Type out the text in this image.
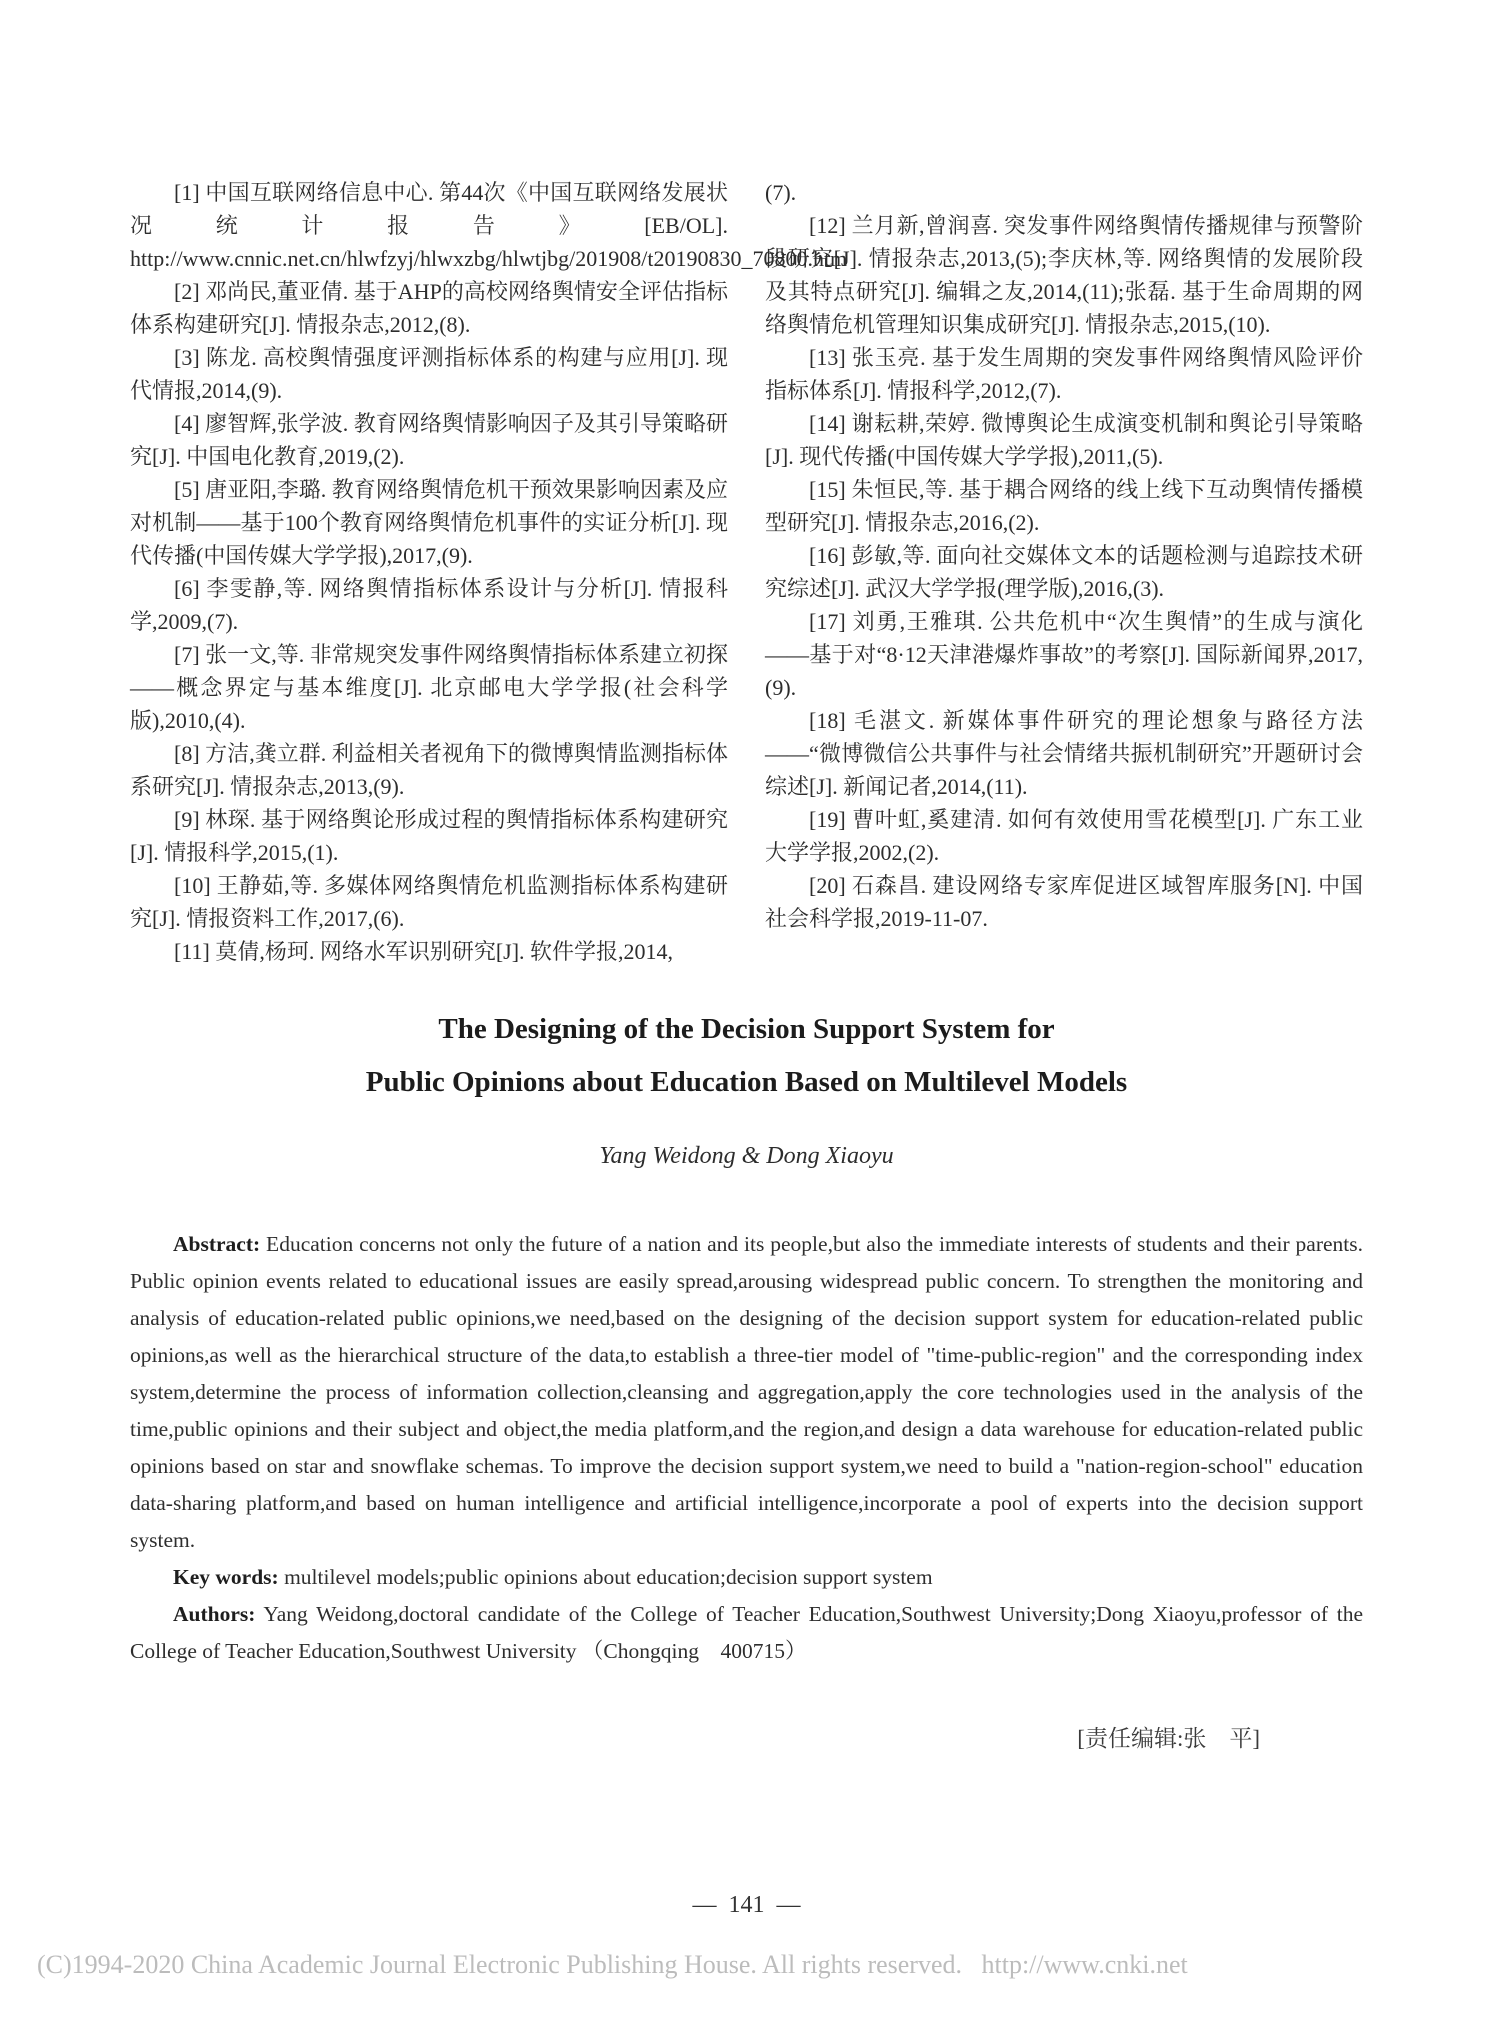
[1] 中国互联网络信息中心. 第44次《中国互联网络发展状况统计报告》[EB/OL]. http://www.cnnic.net.cn/hlwfzyj/hlwxzbg/hlwtjbg/201908/t20190830_70800.htm

[2] 邓尚民,董亚倩. 基于AHP的高校网络舆情安全评估指标体系构建研究[J]. 情报杂志,2012,(8).

[3] 陈龙. 高校舆情强度评测指标体系的构建与应用[J]. 现代情报,2014,(9).

[4] 廖智辉,张学波. 教育网络舆情影响因子及其引导策略研究[J]. 中国电化教育,2019,(2).

[5] 唐亚阳,李璐. 教育网络舆情危机干预效果影响因素及应对机制——基于100个教育网络舆情危机事件的实证分析[J]. 现代传播(中国传媒大学学报),2017,(9).

[6] 李雯静,等. 网络舆情指标体系设计与分析[J]. 情报科学,2009,(7).

[7] 张一文,等. 非常规突发事件网络舆情指标体系建立初探——概念界定与基本维度[J]. 北京邮电大学学报(社会科学版),2010,(4).

[8] 方洁,龚立群. 利益相关者视角下的微博舆情监测指标体系研究[J]. 情报杂志,2013,(9).

[9] 林琛. 基于网络舆论形成过程的舆情指标体系构建研究[J]. 情报科学,2015,(1).

[10] 王静茹,等. 多媒体网络舆情危机监测指标体系构建研究[J]. 情报资料工作,2017,(6).

[11] 莫倩,杨珂. 网络水军识别研究[J]. 软件学报,2014,

(7).

[12] 兰月新,曾润喜. 突发事件网络舆情传播规律与预警阶段研究[J]. 情报杂志,2013,(5);李庆林,等. 网络舆情的发展阶段及其特点研究[J]. 编辑之友,2014,(11);张磊. 基于生命周期的网络舆情危机管理知识集成研究[J]. 情报杂志,2015,(10).

[13] 张玉亮. 基于发生周期的突发事件网络舆情风险评价指标体系[J]. 情报科学,2012,(7).

[14] 谢耘耕,荣婷. 微博舆论生成演变机制和舆论引导策略[J]. 现代传播(中国传媒大学学报),2011,(5).

[15] 朱恒民,等. 基于耦合网络的线上线下互动舆情传播模型研究[J]. 情报杂志,2016,(2).

[16] 彭敏,等. 面向社交媒体文本的话题检测与追踪技术研究综述[J]. 武汉大学学报(理学版),2016,(3).

[17] 刘勇,王雅琪. 公共危机中“次生舆情”的生成与演化——基于对“8·12天津港爆炸事故”的考察[J]. 国际新闻界,2017,(9).

[18] 毛湛文. 新媒体事件研究的理论想象与路径方法——“微博微信公共事件与社会情绪共振机制研究”开题研讨会综述[J]. 新闻记者,2014,(11).

[19] 曹叶虹,奚建清. 如何有效使用雪花模型[J]. 广东工业大学学报,2002,(2).

[20] 石森昌. 建设网络专家库促进区域智库服务[N]. 中国社会科学报,2019-11-07.

The Designing of the Decision Support System for
Public Opinions about Education Based on Multilevel Models
Yang Weidong & Dong Xiaoyu

Abstract: Education concerns not only the future of a nation and its people,but also the immediate interests of students and their parents. Public opinion events related to educational issues are easily spread,arousing widespread public concern. To strengthen the monitoring and analysis of education-related public opinions,we need,based on the designing of the decision support system for education-related public opinions,as well as the hierarchical structure of the data,to establish a three-tier model of "time-public-region" and the corresponding index system,determine the process of information collection,cleansing and aggregation,apply the core technologies used in the analysis of the time,public opinions and their subject and object,the media platform,and the region,and design a data warehouse for education-related public opinions based on star and snowflake schemas. To improve the decision support system,we need to build a "nation-region-school" education data-sharing platform,and based on human intelligence and artificial intelligence,incorporate a pool of experts into the decision support system.

Key words: multilevel models;public opinions about education;decision support system

Authors: Yang Weidong,doctoral candidate of the College of Teacher Education,Southwest University;Dong Xiaoyu,professor of the College of Teacher Education,Southwest University （Chongqing　400715）

[责任编辑:张　平]
—  141  —
(C)1994-2020 China Academic Journal Electronic Publishing House. All rights reserved.   http://www.cnki.net
